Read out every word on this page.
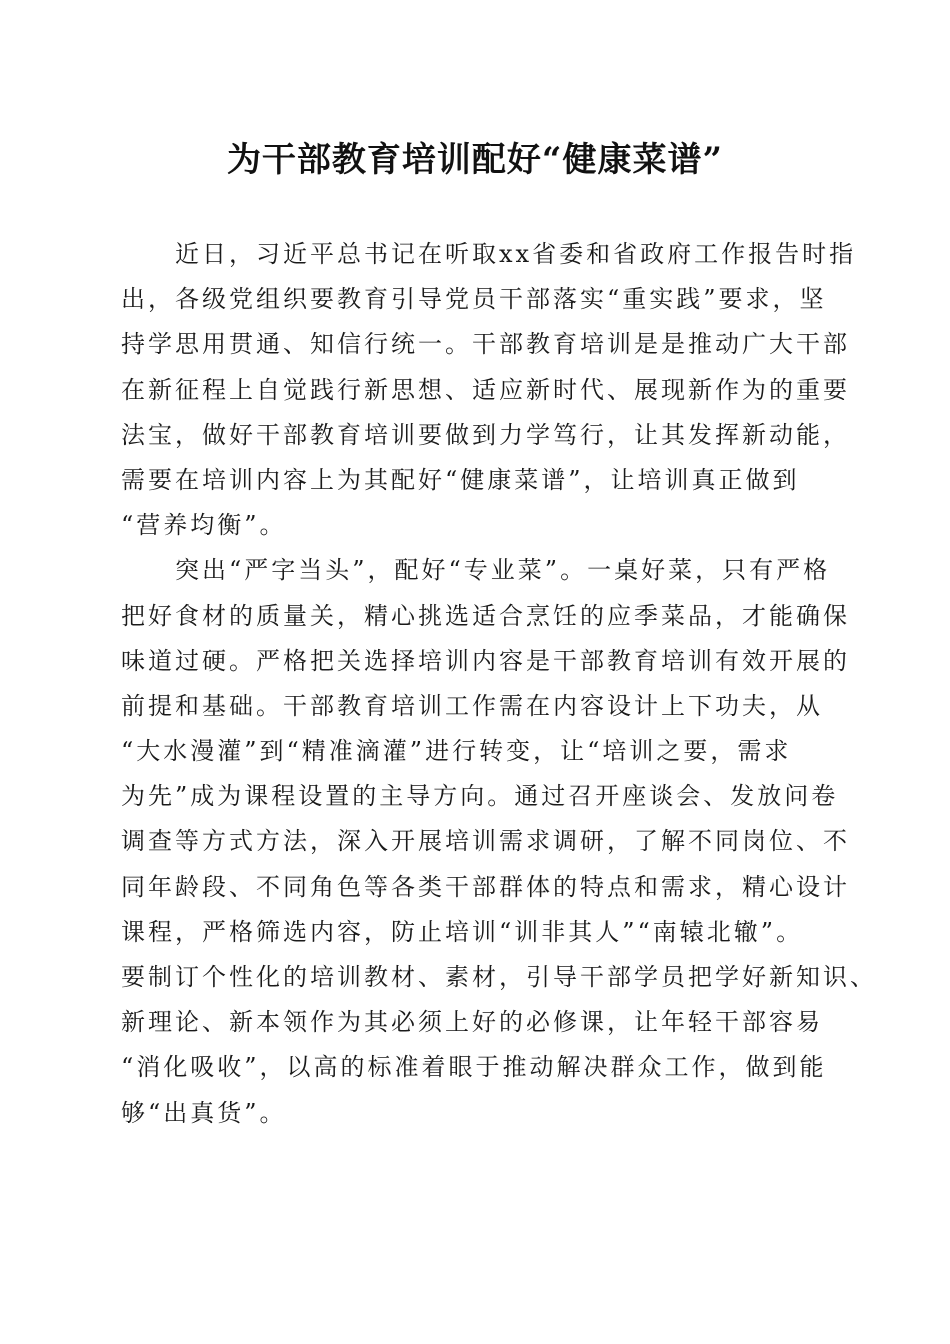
为干部教育培训配好“健康菜谱”
　　近日，习近平总书记在听取xx省委和省政府工作报告时指
出，各级党组织要教育引导党员干部落实“重实践”要求，坚
持学思用贯通、知信行统一。干部教育培训是是推动广大干部
在新征程上自觉践行新思想、适应新时代、展现新作为的重要
法宝，做好干部教育培训要做到力学笃行，让其发挥新动能，
需要在培训内容上为其配好“健康菜谱”，让培训真正做到
“营养均衡”。
　　突出“严字当头”，配好“专业菜”。一桌好菜，只有严格
把好食材的质量关，精心挑选适合烹饪的应季菜品，才能确保
味道过硬。严格把关选择培训内容是干部教育培训有效开展的
前提和基础。干部教育培训工作需在内容设计上下功夫，从
“大水漫灌”到“精准滴灌”进行转变，让“培训之要，需求
为先”成为课程设置的主导方向。通过召开座谈会、发放问卷
调查等方式方法，深入开展培训需求调研，了解不同岗位、不
同年龄段、不同角色等各类干部群体的特点和需求，精心设计
课程，严格筛选内容，防止培训“训非其人”“南辕北辙”。
要制订个性化的培训教材、素材，引导干部学员把学好新知识、
新理论、新本领作为其必须上好的必修课，让年轻干部容易
“消化吸收”，以高的标准着眼于推动解决群众工作，做到能
够“出真货”。
